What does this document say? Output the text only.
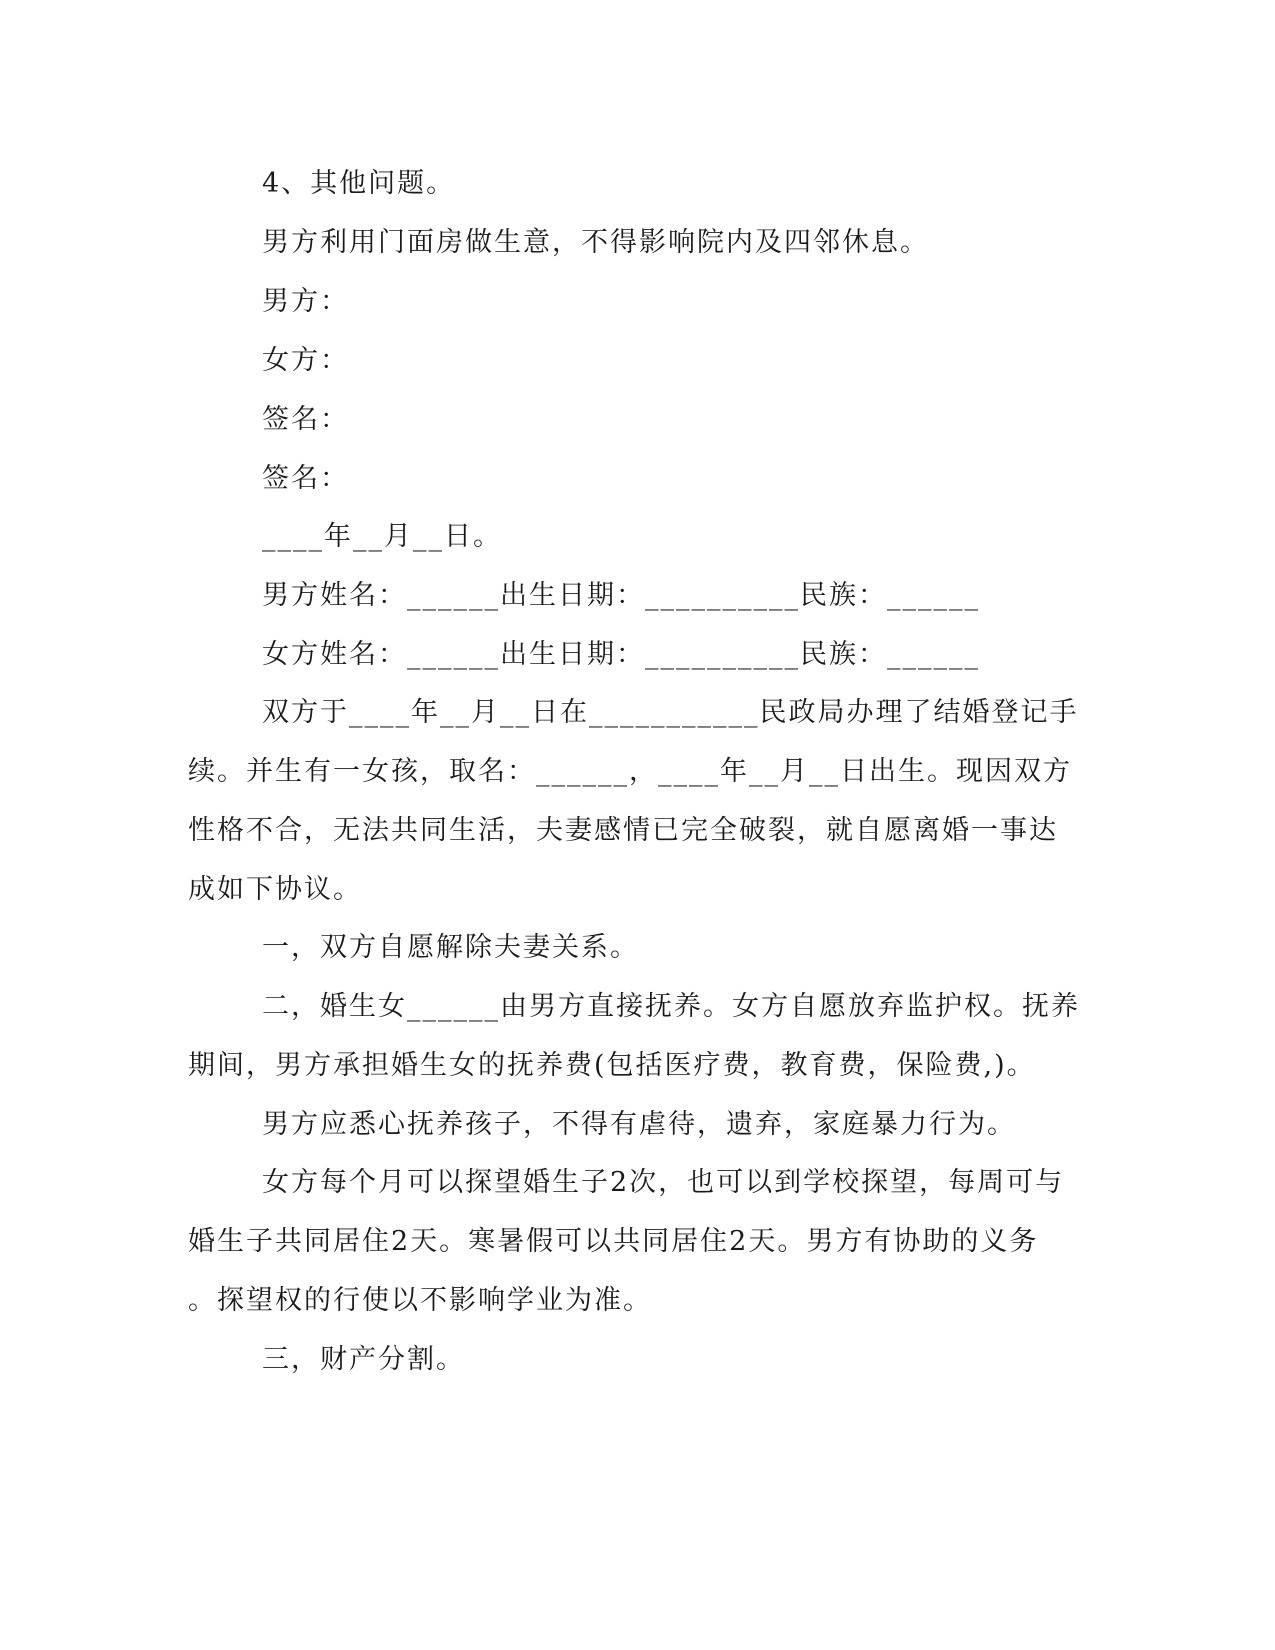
4、其他问题。
男方利用门面房做生意，不得影响院内及四邻休息。
男方：
女方：
签名：
签名：
____年__月__日。
男方姓名：______出生日期：__________民族：______
女方姓名：______出生日期：__________民族：______
双方于____年__月__日在___________民政局办理了结婚登记手
续。并生有一女孩，取名：______，____年__月__日出生。现因双方
性格不合，无法共同生活，夫妻感情已完全破裂，就自愿离婚一事达
成如下协议。
一，双方自愿解除夫妻关系。
二，婚生女______由男方直接抚养。女方自愿放弃监护权。抚养
期间，男方承担婚生女的抚养费(包括医疗费，教育费，保险费,)。
男方应悉心抚养孩子，不得有虐待，遗弃，家庭暴力行为。
女方每个月可以探望婚生子2次，也可以到学校探望，每周可与
婚生子共同居住2天。寒暑假可以共同居住2天。男方有协助的义务
。探望权的行使以不影响学业为准。
三，财产分割。
